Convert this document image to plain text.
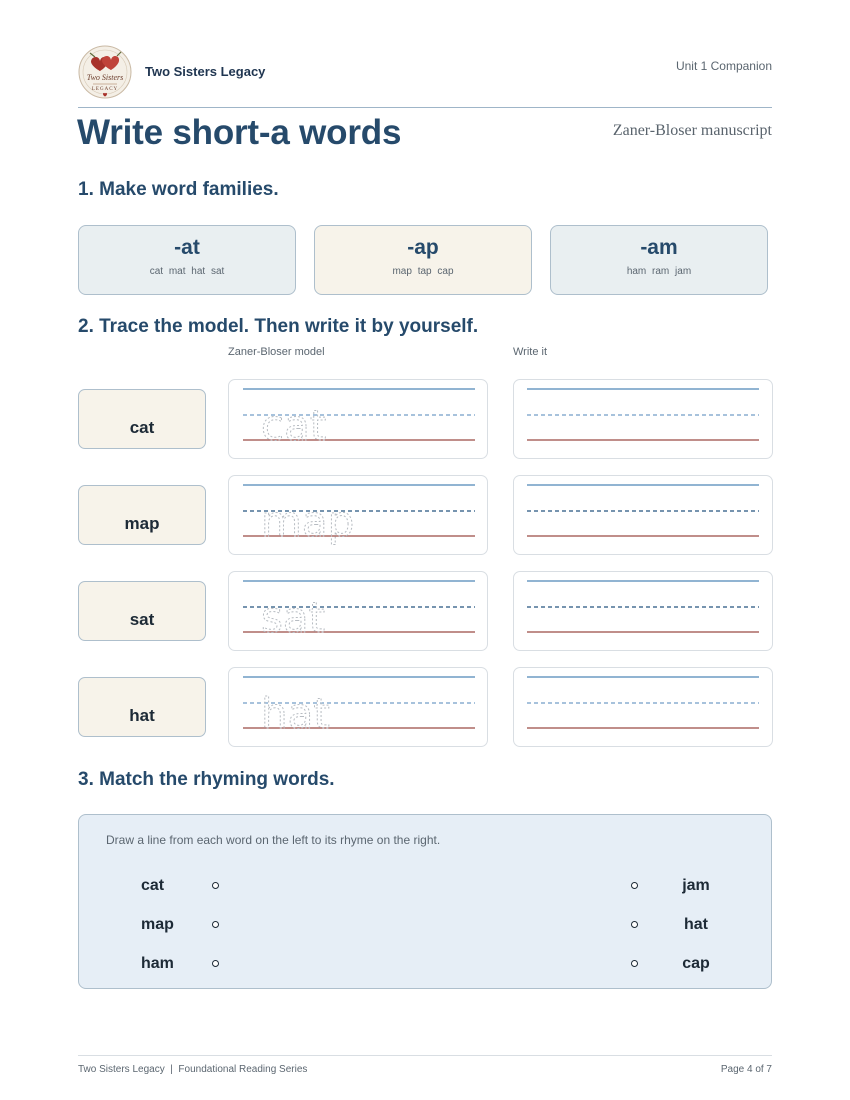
Two Sisters
LEGACY
Two Sisters Legacy	Unit 1 Companion
Write short-a words	Zaner-Bloser manuscript
1. Make word families.
-at
cat mat hat sat
-ap
map tap cap
-am
ham ram jam
2. Trace the model. Then write it by yourself.
Zaner-Bloser model	Write it
cat	cat
map	map
sat	sat
hat	hat
3. Match the rhyming words.
Draw a line from each word on the left to its rhyme on the right.
cat	jam
map	hat
ham	cap
Two Sisters Legacy  |  Foundational Reading Series	Page 4 of 7
